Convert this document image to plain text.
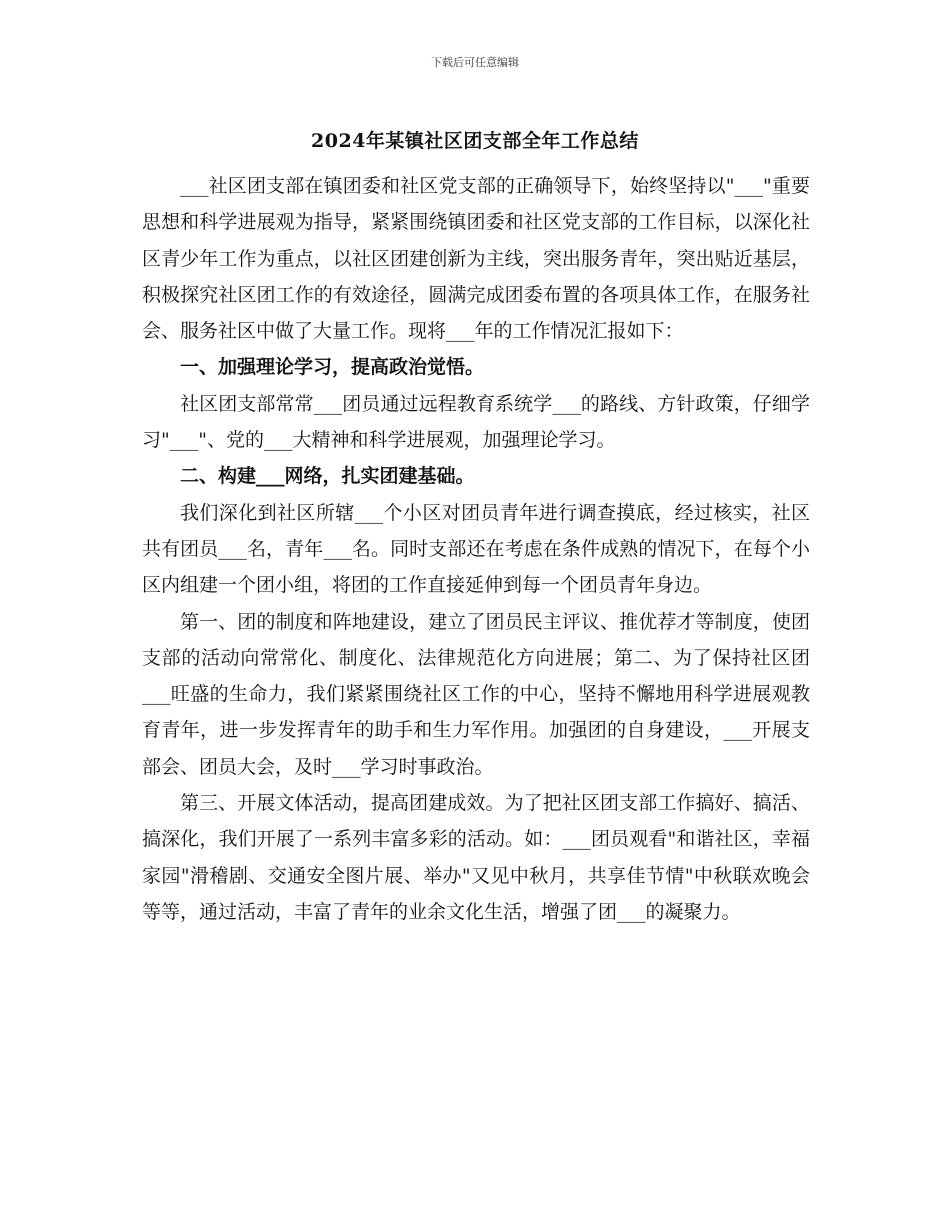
下载后可任意编辑
2024年某镇社区团支部全年工作总结

___社区团支部在镇团委和社区党支部的正确领导下，始终坚持以"___"重要思想和科学进展观为指导，紧紧围绕镇团委和社区党支部的工作目标，以深化社区青少年工作为重点，以社区团建创新为主线，突出服务青年，突出贴近基层，积极探究社区团工作的有效途径，圆满完成团委布置的各项具体工作，在服务社会、服务社区中做了大量工作。现将___年的工作情况汇报如下：

一、加强理论学习，提高政治觉悟。

社区团支部常常___团员通过远程教育系统学___的路线、方针政策，仔细学习"___"、党的___大精神和科学进展观，加强理论学习。

二、构建___网络，扎实团建基础。

我们深化到社区所辖___个小区对团员青年进行调查摸底，经过核实，社区共有团员___名，青年___名。同时支部还在考虑在条件成熟的情况下，在每个小区内组建一个团小组，将团的工作直接延伸到每一个团员青年身边。

第一、团的制度和阵地建设，建立了团员民主评议、推优荐才等制度，使团支部的活动向常常化、制度化、法律规范化方向进展；第二、为了保持社区团___旺盛的生命力，我们紧紧围绕社区工作的中心，坚持不懈地用科学进展观教育青年，进一步发挥青年的助手和生力军作用。加强团的自身建设，___开展支部会、团员大会，及时___学习时事政治。

第三、开展文体活动，提高团建成效。为了把社区团支部工作搞好、搞活、搞深化，我们开展了一系列丰富多彩的活动。如：___团员观看"和谐社区，幸福家园"滑稽剧、交通安全图片展、举办"又见中秋月，共享佳节情"中秋联欢晚会等等，通过活动，丰富了青年的业余文化生活，增强了团___的凝聚力。
